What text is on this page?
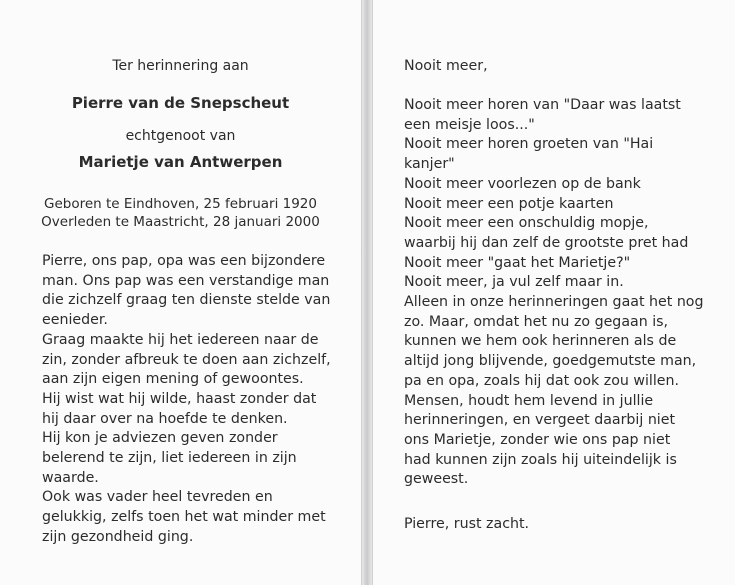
Ter herinnering aan
Pierre van de Snepscheut
echtgenoot van
Marietje van Antwerpen
Geboren te Eindhoven, 25 februari 1920
Overleden te Maastricht, 28 januari 2000
Pierre, ons pap, opa was een bijzondere
man. Ons pap was een verstandige man
die zichzelf graag ten dienste stelde van
eenieder.
Graag maakte hij het iedereen naar de
zin, zonder afbreuk te doen aan zichzelf,
aan zijn eigen mening of gewoontes.
Hij wist wat hij wilde, haast zonder dat
hij daar over na hoefde te denken.
Hij kon je adviezen geven zonder
belerend te zijn, liet iedereen in zijn
waarde.
Ook was vader heel tevreden en
gelukkig, zelfs toen het wat minder met
zijn gezondheid ging.
Nooit meer,
Nooit meer horen van "Daar was laatst
een meisje loos..."
Nooit meer horen groeten van "Hai
kanjer"
Nooit meer voorlezen op de bank
Nooit meer een potje kaarten
Nooit meer een onschuldig mopje,
waarbij hij dan zelf de grootste pret had
Nooit meer "gaat het Marietje?"
Nooit meer, ja vul zelf maar in.
Alleen in onze herinneringen gaat het nog
zo. Maar, omdat het nu zo gegaan is,
kunnen we hem ook herinneren als de
altijd jong blijvende, goedgemutste man,
pa en opa, zoals hij dat ook zou willen.
Mensen, houdt hem levend in jullie
herinneringen, en vergeet daarbij niet
ons Marietje, zonder wie ons pap niet
had kunnen zijn zoals hij uiteindelijk is
geweest.
Pierre, rust zacht.
